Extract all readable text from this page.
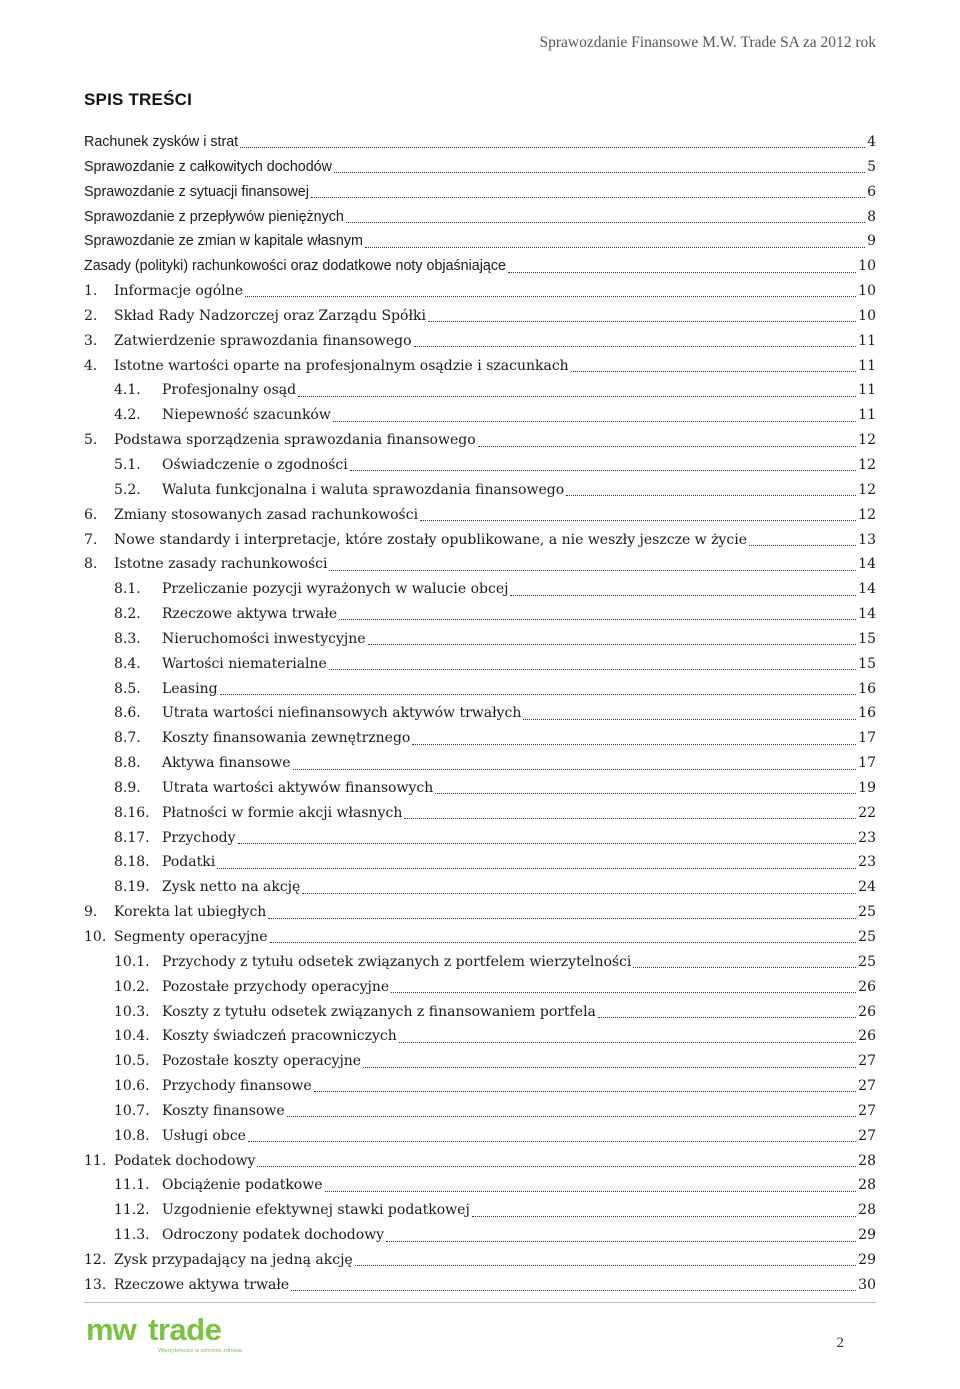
Sprawozdanie Finansowe M.W. Trade SA za 2012 rok
SPIS TREŚCI
Rachunek zysków i strat	4
Sprawozdanie z całkowitych dochodów	5
Sprawozdanie z sytuacji finansowej	6
Sprawozdanie z przepływów pieniężnych	8
Sprawozdanie ze zmian w kapitale własnym	9
Zasady (polityki) rachunkowości oraz dodatkowe noty objaśniające	10
1.	Informacje ogólne	10
2.	Skład Rady Nadzorczej oraz Zarządu Spółki	10
3.	Zatwierdzenie sprawozdania finansowego	11
4.	Istotne wartości oparte na profesjonalnym osądzie i szacunkach	11
4.1.	Profesjonalny osąd	11
4.2.	Niepewność szacunków	11
5.	Podstawa sporządzenia sprawozdania finansowego	12
5.1.	Oświadczenie o zgodności	12
5.2.	Waluta funkcjonalna i waluta sprawozdania finansowego	12
6.	Zmiany stosowanych zasad rachunkowości	12
7.	Nowe standardy i interpretacje, które zostały opublikowane, a nie weszły jeszcze w życie	13
8.	Istotne zasady rachunkowości	14
8.1.	Przeliczanie pozycji wyrażonych w walucie obcej	14
8.2.	Rzeczowe aktywa trwałe	14
8.3.	Nieruchomości inwestycyjne	15
8.4.	Wartości niematerialne	15
8.5.	Leasing	16
8.6.	Utrata wartości niefinansowych aktywów trwałych	16
8.7.	Koszty finansowania zewnętrznego	17
8.8.	Aktywa finansowe	17
8.9.	Utrata wartości aktywów finansowych	19
8.16. Płatności w formie akcji własnych	22
8.17. Przychody	23
8.18. Podatki	23
8.19. Zysk netto na akcję	24
9.	Korekta lat ubiegłych	25
10. Segmenty operacyjne	25
10.1. Przychody z tytułu odsetek związanych z portfelem wierzytelności	25
10.2. Pozostałe przychody operacyjne	26
10.3. Koszty z tytułu odsetek związanych z finansowaniem portfela	26
10.4. Koszty świadczeń pracowniczych	26
10.5. Pozostałe koszty operacyjne	27
10.6. Przychody finansowe	27
10.7. Koszty finansowe	27
10.8. Usługi obce	27
11. Podatek dochodowy	28
11.1. Obciążenie podatkowe	28
11.2. Uzgodnienie efektywnej stawki podatkowej	28
11.3. Odroczony podatek dochodowy	29
12. Zysk przypadający na jedną akcję	29
13. Rzeczowe aktywa trwałe	30
mw trade
Wierzytelności w ochronie zdrowia	2
